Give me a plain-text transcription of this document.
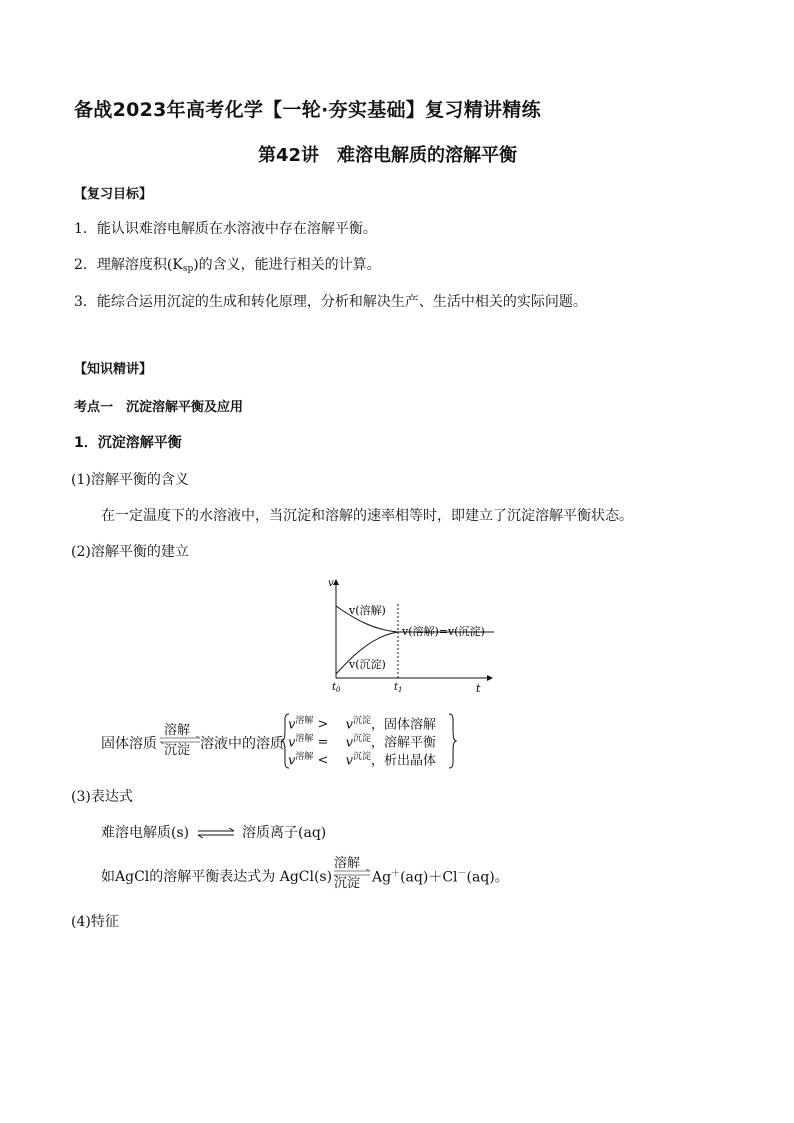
备战2023年高考化学【一轮·夯实基础】复习精讲精练
第42讲　难溶电解质的溶解平衡
【复习目标】
1．能认识难溶电解质在水溶液中存在溶解平衡。
2．理解溶度积$(K_{sp})$的含义，能进行相关的计算。
3．能综合运用沉淀的生成和转化原理，分析和解决生产、生活中相关的实际问题。
【知识精讲】
考点一　沉淀溶解平衡及应用
1．沉淀溶解平衡
(1)溶解平衡的含义
在一定温度下的水溶液中，当沉淀和溶解的速率相等时，即建立了沉淀溶解平衡状态。
(2)溶解平衡的建立
v
t
v(溶解)
v(沉淀)
v(溶解)=v(沉淀)
$t_0$	$t_1$
固体溶质
溶解
沉淀 溶液中的溶质
$v^{溶解} > v^{沉淀}$，固体溶解
$v^{溶解} = v^{沉淀}$，溶解平衡
$v^{溶解} < v^{沉淀}$，析出晶体
(3)表达式
难溶电解质(s) ⇌ 溶质离子(aq)
如AgCl的溶解平衡表达式为 AgCl(s)
溶解
沉淀 Ag＋(aq)＋Cl－(aq)。
(4)特征
